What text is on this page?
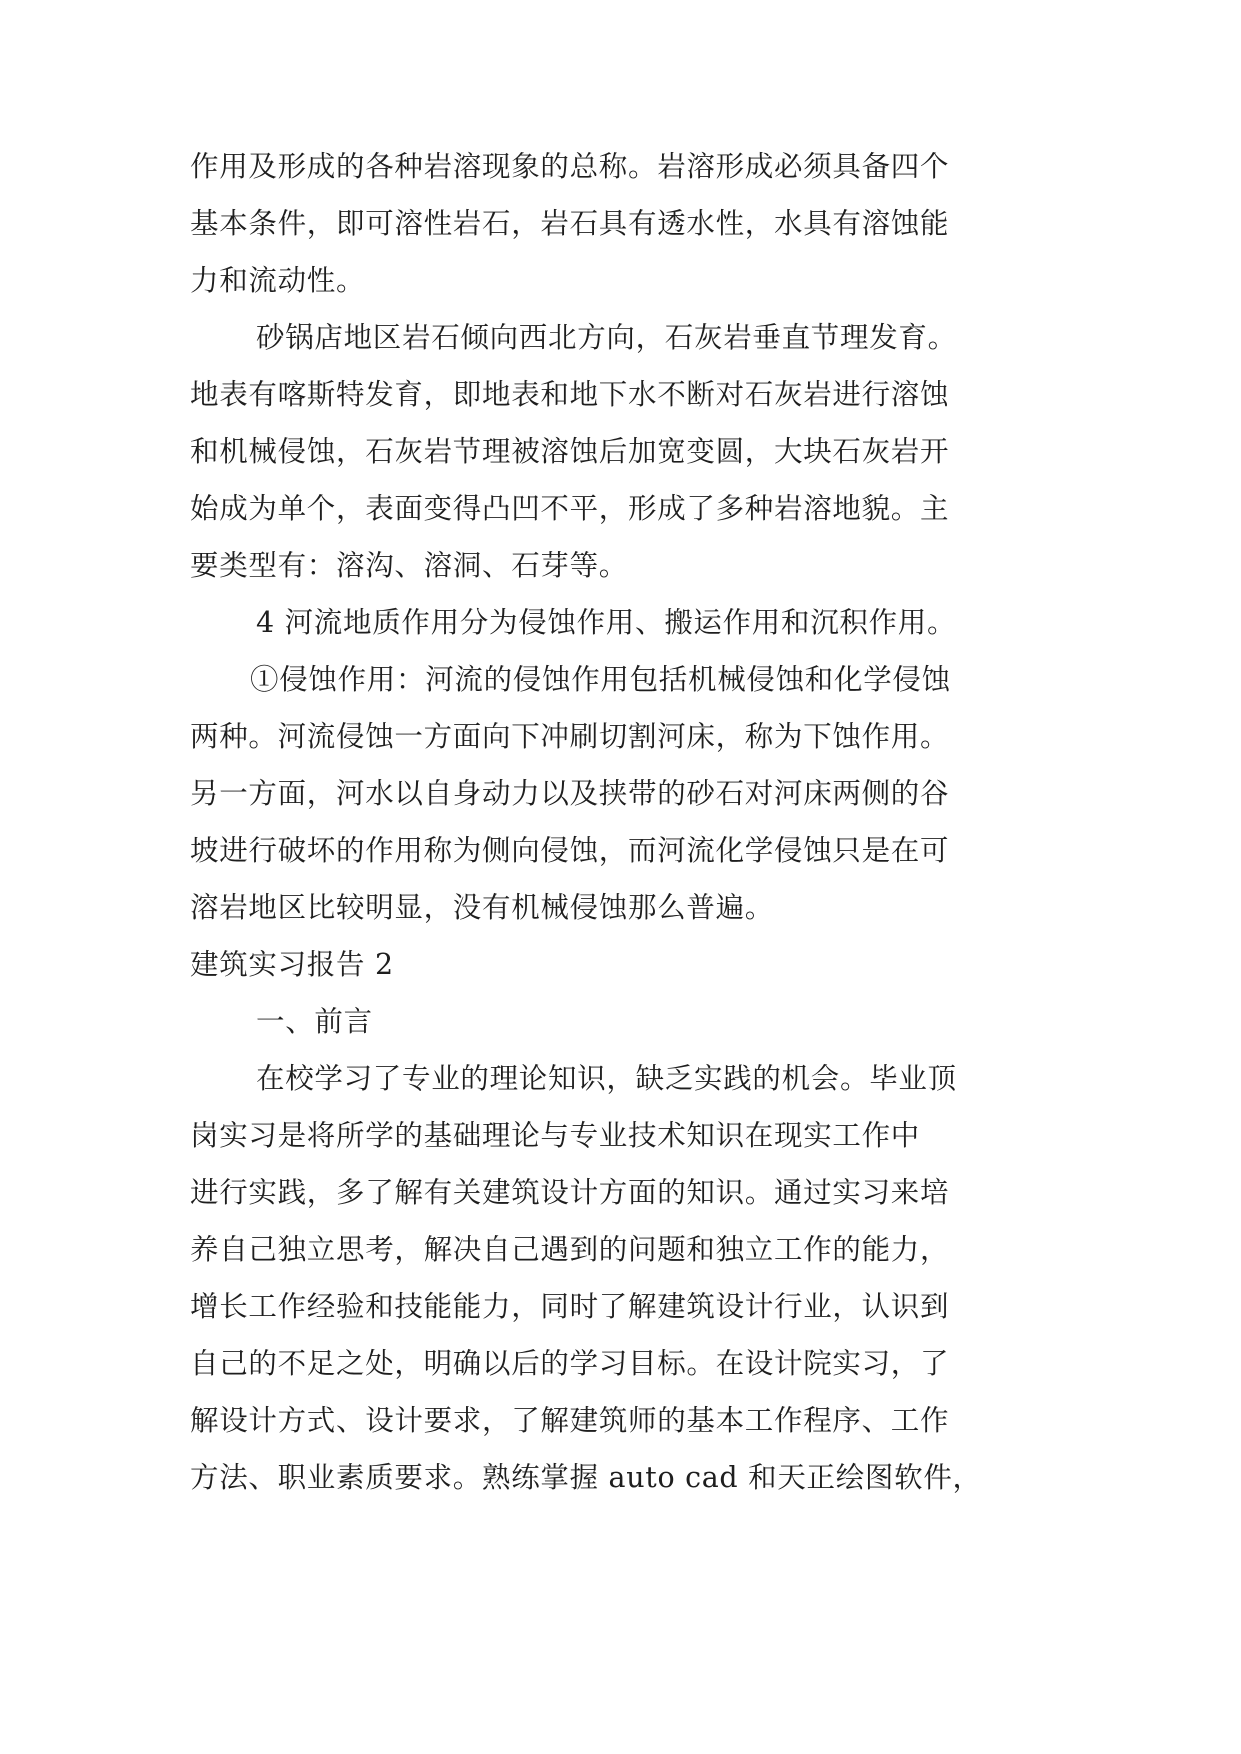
作用及形成的各种岩溶现象的总称。岩溶形成必须具备四个
基本条件，即可溶性岩石，岩石具有透水性，水具有溶蚀能
力和流动性。
砂锅店地区岩石倾向西北方向，石灰岩垂直节理发育。
地表有喀斯特发育，即地表和地下水不断对石灰岩进行溶蚀
和机械侵蚀，石灰岩节理被溶蚀后加宽变圆，大块石灰岩开
始成为单个，表面变得凸凹不平，形成了多种岩溶地貌。主
要类型有：溶沟、溶洞、石芽等。
4 河流地质作用分为侵蚀作用、搬运作用和沉积作用。
①侵蚀作用：河流的侵蚀作用包括机械侵蚀和化学侵蚀
两种。河流侵蚀一方面向下冲刷切割河床，称为下蚀作用。
另一方面，河水以自身动力以及挟带的砂石对河床两侧的谷
坡进行破坏的作用称为侧向侵蚀，而河流化学侵蚀只是在可
溶岩地区比较明显，没有机械侵蚀那么普遍。
建筑实习报告 2
一、前言
在校学习了专业的理论知识，缺乏实践的机会。毕业顶
岗实习是将所学的基础理论与专业技术知识在现实工作中
进行实践，多了解有关建筑设计方面的知识。通过实习来培
养自己独立思考，解决自己遇到的问题和独立工作的能力，
增长工作经验和技能能力，同时了解建筑设计行业，认识到
自己的不足之处，明确以后的学习目标。在设计院实习，了
解设计方式、设计要求，了解建筑师的基本工作程序、工作
方法、职业素质要求。熟练掌握 auto cad 和天正绘图软件，
